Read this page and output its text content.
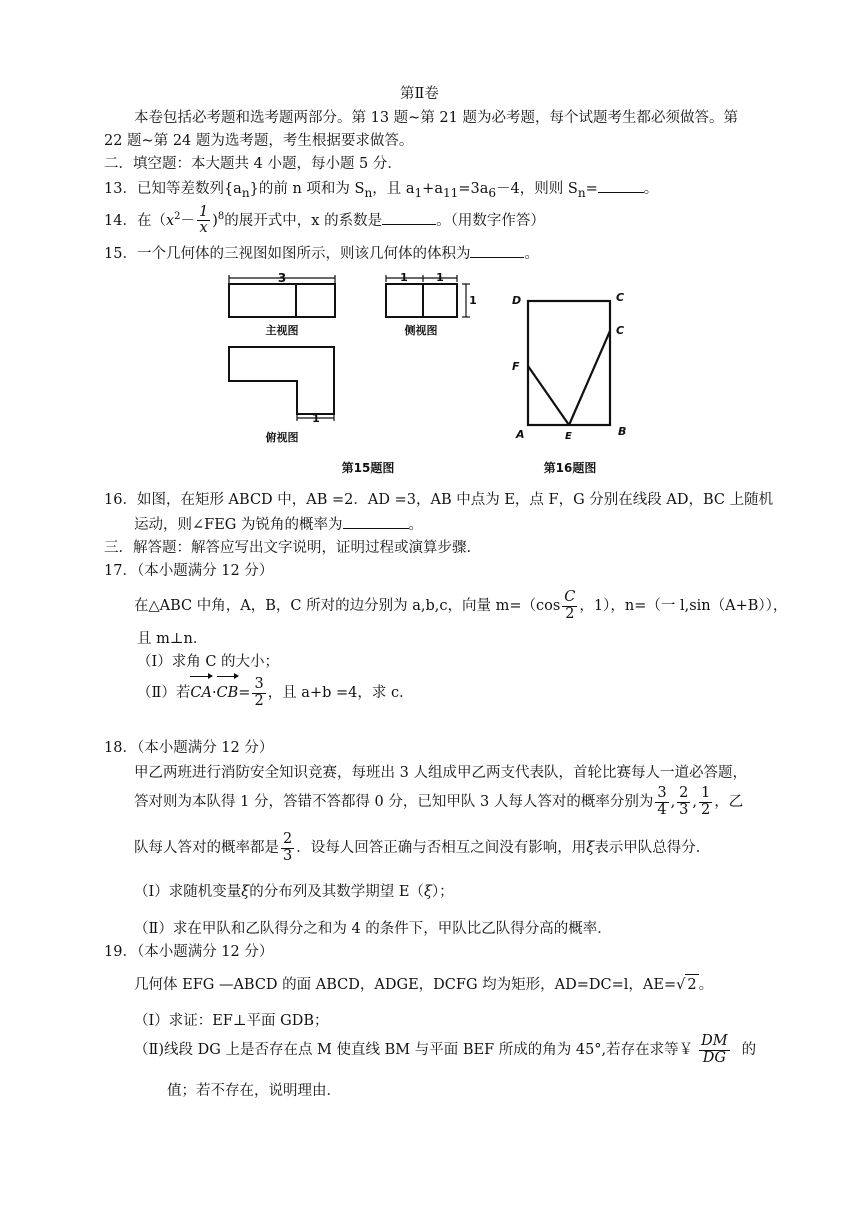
第Ⅱ卷
本卷包括必考题和选考题两部分。第 13 题~第 21 题为必考题，每个试题考生都必须做答。第
22 题~第 24 题为选考题，考生根据要求做答。
二．填空题：本大题共 4 小题，每小题 5 分．
13．已知等差数列$\{a_n\}$的前 n 项和为 $S_n$，且 $a_1+a_{11}=3a_6-4$，则则 $S_n=$	。
14．在$(x^2- \frac{1}{x} )^8$的展开式中，x 的系数是	。（用数字作答）
15．一个几何体的三视图如图所示，则该几何体的体积为	。
3
主视图
1	1
1
侧视图
1
俯视图
第15题图
D	C
C
F
A	E	B
第16题图
16．如图，在矩形 ABCD 中，AB =2．AD =3，AB 中点为 E，点 F，G 分别在线段 AD，BC 上随机
运动，则∠FEG 为锐角的概率为	。
三．解答题：解答应写出文字说明，证明过程或演算步骤．
17．（本小题满分 12 分）
在△ABC 中角，A，B，C 所对的边分别为 a,b,c，向量 $m=(\cos \frac{C}{2}$ ，1），n=（一 l,sin（A+B）），
且 m⊥n．
（Ⅰ）求角 C 的大小；
（Ⅱ）若$CA\cdot CB= \frac{3}{2}$ ，且 a+b =4，求 c．
18．（本小题满分 12 分）
甲乙两班进行消防安全知识竞赛，每班出 3 人组成甲乙两支代表队，首轮比赛每人一道必答题，
答对则为本队得 1 分，答错不答都得 0 分，已知甲队 3 人每人答对的概率分别为 $\frac{3}{4}$ , $\frac{2}{3}$ , $\frac{1}{2}$ ，乙
队每人答对的概率都是 $\frac{2}{3}$ ．设每人回答正确与否相互之间没有影响，用ξ表示甲队总得分．
（Ⅰ）求随机变量ξ的分布列及其数学期望 E（ξ）；
（Ⅱ）求在甲队和乙队得分之和为 4 的条件下，甲队比乙队得分高的概率．
19．（本小题满分 12 分）
几何体 EFG —ABCD 的面 ABCD，ADGE，DCFG 均为矩形，AD=DC=l，AE=√ 2 。
（Ⅰ）求证：EF⊥平面 GDB；
（Ⅱ)线段 DG 上是否存在点 M 使直线 BM 与平面 BEF 所成的角为 45°,若存在求等￥ $\frac{DM}{DG}$ 的
值；若不存在，说明理由．
